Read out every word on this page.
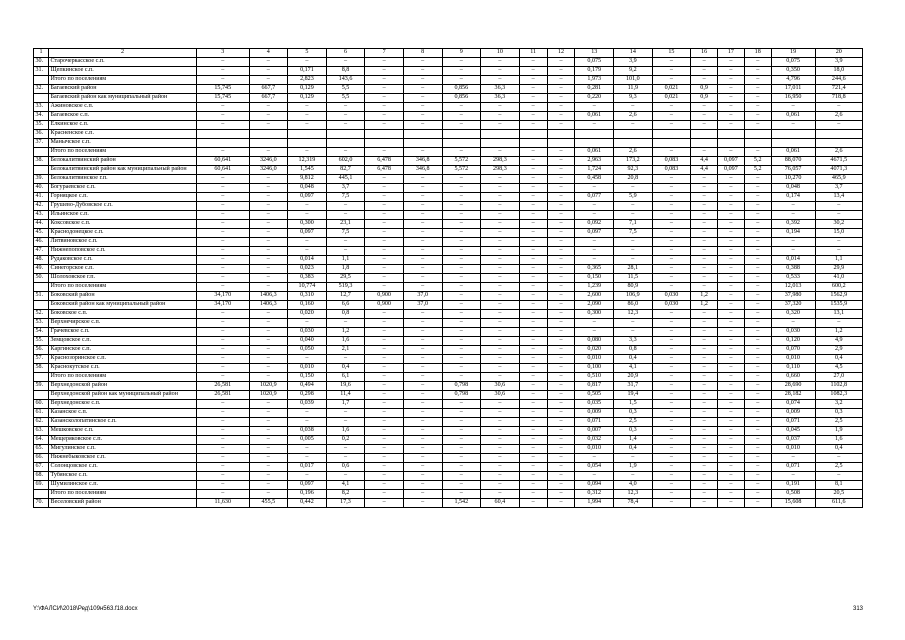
1	2	3	4	5	6	7	8	9	10	11	12	13	14	15	16	17	18	19	20
30.	Старочеркасское с.п.	–	–	–	–	–	–	–	–	–	–	0,075	3,9	–	–	–	–	0,075	3,9
31.	Щепкинское с.п.	–	–	0,171	8,8	–	–	–	–	–	–	0,179	9,2	–	–	–	–	0,350	18,0
	Итого по поселениям	–	–	2,823	143,6	–	–	–	–	–	–	1,973	101,0	–	–	–	–	4,796	244,6
32.	Багаевский район	15,745	667,7	0,129	5,5	–	–	0,856	36,3	–	–	0,281	11,9	0,021	0,9	–	–	17,011	721,4
	Багаевский район как муниципальный район	15,745	667,7	0,129	5,5	–	–	0,856	36,3	–	–	0,220	9,3	0,021	0,9	–	–	16,950	718,8
33.	Ажиновское с.п.	–	–	–	–	–	–	–	–	–	–	–	–	–	–	–	–	–	–
34.	Багаевское с.п.	–	–	–	–	–	–	–	–	–	–	0,061	2,6	–	–	–	–	0,061	2,6
35.	Елкинское с.п.	–	–	–	–	–	–	–	–	–	–	–	–	–	–	–	–	–	–
36.	Красненское с.п.																		
37.	Манычское с.п.																		
	Итого по поселениям	–	–	–	–	–	–	–	–	–	–	0,061	2,6	–	–	–	–	0,061	2,6
38.	Белокалитвинский район	60,641	3246,0	12,319	602,0	6,478	346,8	5,572	298,3	–	–	2,963	173,2	0,083	4,4	0,097	5,2	88,070	4671,5
	Белокалитвинский район как муниципальный район	60,641	3246,0	1,545	82,7	6,478	346,8	5,572	298,3	–	–	1,724	92,3	0,083	4,4	0,097	5,2	76,057	4071,3
39.	Белокалитвинское г.п.	–	–	9,812	445,1	–	–	–	–	–	–	0,458	20,8	–	–	–	–	10,270	465,9
40.	Богураевское с.п.	–	–	0,048	3,7	–	–	–	–	–	–	–	–	–	–	–	–	0,048	3,7
41.	Горняцкое с.п.	–	–	0,097	7,5	–	–	–	–	–	–	0,077	5,9	–	–	–	–	0,174	13,4
42.	Грушево-Дубовское с.п.	–	–	–	–	–	–	–	–	–	–	–	–	–	–	–	–	–	–
43.	Ильинское с.п.	–	–	–	–	–	–	–	–	–	–	–	–	–	–	–	–	–	–
44.	Коксовское с.п.	–	–	0,300	23,1	–	–	–	–	–	–	0,092	7,1	–	–	–	–	0,392	30,2
45.	Краснодонецкое с.п.	–	–	0,097	7,5	–	–	–	–	–	–	0,097	7,5	–	–	–	–	0,194	15,0
46.	Литвиновское с.п.	–	–	–	–	–	–	–	–	–	–	–	–	–	–	–	–	–	–
47.	Нижнепоповское с.п.	–	–	–	–	–	–	–	–	–	–	–	–	–	–	–	–	–	–
48.	Рудаковское с.п.	–	–	0,014	1,1	–	–	–	–	–	–	–	–	–	–	–	–	0,014	1,1
49.	Синегорское с.п.	–	–	0,023	1,8	–	–	–	–	–	–	0,365	28,1	–	–	–	–	0,388	29,9
50.	Шолоховское г.п.	–	–	0,383	29,5	–	–	–	–	–	–	0,150	11,5	–	–	–	–	0,533	41,0
	Итого по поселениям	–	–	10,774	519,3	–	–	–	–	–	–	1,239	80,9	–	–	–	–	12,013	600,2
51.	Боковский район	34,170	1406,3	0,310	12,7	0,900	37,0	–	–	–	–	2,600	106,9	0,030	1,2	–	–	37,980	1562,9
	Боковский район как муниципальный район	34,170	1406,3	0,160	6,6	0,900	37,0	–	–	–	–	2,090	86,0	0,030	1,2	–	–	37,320	1535,9
52.	Боковское с.п.	–	–	0,020	0,8	–	–	–	–	–	–	0,300	12,3	–	–	–	–	0,320	13,1
53.	Верхнечирское с.п.	–	–	–	–	–	–	–	–	–	–	–	–	–	–	–	–	–	–
54.	Грачевское с.п.	–	–	0,030	1,2	–	–	–	–	–	–	–	–	–	–	–	–	0,030	1,2
55.	Земцовское с.п.	–	–	0,040	1,6	–	–	–	–	–	–	0,080	3,3	–	–	–	–	0,120	4,9
56.	Каргинское с.п.	–	–	0,050	2,1	–	–	–	–	–	–	0,020	0,8	–	–	–	–	0,070	2,9
57.	Краснозоринское с.п.	–	–	–	–	–	–	–	–	–	–	0,010	0,4	–	–	–	–	0,010	0,4
58.	Краснокутское с.п.	–	–	0,010	0,4	–	–	–	–	–	–	0,100	4,1	–	–	–	–	0,110	4,5
	Итого по поселениям	–	–	0,150	6,1	–	–	–	–	–	–	0,510	20,9	–	–	–	–	0,660	27,0
59.	Верхнедонской район	26,581	1020,9	0,494	19,6	–	–	0,798	30,6	–	–	0,817	31,7	–	–	–	–	28,690	1102,8
	Верхнедонской район как муниципальный район	26,581	1020,9	0,298	11,4	–	–	0,798	30,6	–	–	0,505	19,4	–	–	–	–	28,182	1082,3
60.	Верхнедонское с.п.	–	–	0,039	1,7	–	–	–	–	–	–	0,035	1,5	–	–	–	–	0,074	3,2
61.	Казанское с.п.	–	–	–	–	–	–	–	–	–	–	0,009	0,3	–	–	–	–	0,009	0,3
62.	Казансколопатинское с.п.	–	–	–	–	–	–	–	–	–	–	0,071	2,5	–	–	–	–	0,071	2,5
63.	Мешковское с.п.	–	–	0,038	1,6	–	–	–	–	–	–	0,007	0,3	–	–	–	–	0,045	1,9
64.	Мещеряковское с.п.	–	–	0,005	0,2	–	–	–	–	–	–	0,032	1,4	–	–	–	–	0,037	1,6
65.	Мигулинское с.п.	–	–	–	–	–	–	–	–	–	–	0,010	0,4	–	–	–	–	0,010	0,4
66.	Нижнебыковское с.п.	–	–	–	–	–	–	–	–	–	–	–	–	–	–	–	–	–	–
67.	Солонцовское с.п.	–	–	0,017	0,6	–	–	–	–	–	–	0,054	1,9	–	–	–	–	0,071	2,5
68.	Тубянское с.п.	–	–	–	–	–	–	–	–	–	–	–	–	–	–	–	–	–	–
69.	Шумилинское с.п.	–	–	0,097	4,1	–	–	–	–	–	–	0,094	4,0	–	–	–	–	0,191	8,1
	Итого по поселениям	–	–	0,196	8,2	–	–	–	–	–	–	0,312	12,3	–	–	–	–	0,508	20,5
70.	Веселовский район	11,630	455,5	0,442	17,3	–	–	1,542	60,4	–	–	1,994	78,4	–	–	–	–	15,608	611,6
Y:\ФАЛСИ\2018\Ред\109н563.f18.docx	313
